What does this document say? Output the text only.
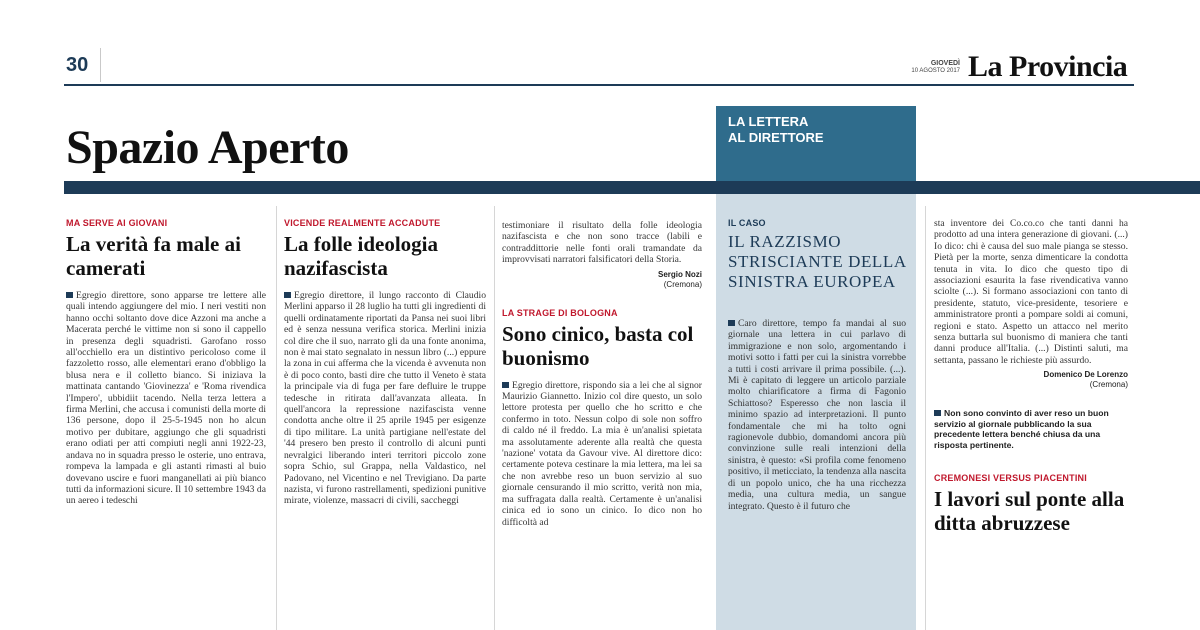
30	GIOVEDÌ
10 AGOSTO 2017 La Provincia
Spazio Aperto	LA LETTERA
AL DIRETTORE
MA SERVE AI GIOVANI
La verità fa male ai camerati
Egregio direttore, sono apparse tre lettere alle quali intendo aggiungere del mio. I neri vestiti non hanno occhi soltanto dove dice Azzoni ma anche a Macerata perché le vittime non si sono il cappello in presenza degli squadristi. Garofano rosso all'occhiello era un distintivo pericoloso come il fazzoletto rosso, alle elementari erano d'obbligo la blusa nera e il colletto bianco. Si iniziava la mattinata cantando 'Giovinezza' e 'Roma rivendica l'Impero', ubbidiit tacendo. Nella terza lettera a firma Merlini, che accusa i comunisti della morte di 136 persone, dopo il 25-5-1945 non ho alcun motivo per dubitare, aggiungo che gli squadristi erano odiati per atti compiuti negli anni 1922-23, andava no in squadra presso le osterie, uno entrava, rompeva la lampada e gli astanti rimasti al buio dovevano uscire e fuori manganellati ai più bianco tutti da informazioni sicure. Il 10 settembre 1943 da un aereo i tedeschi
VICENDE REALMENTE ACCADUTE
La folle ideologia nazifascista
Egregio direttore, il lungo racconto di Claudio Merlini apparso il 28 luglio ha tutti gli ingredienti di quelli ordinatamente riportati da Pansa nei suoi libri ed è senza nessuna verifica storica. Merlini inizia col dire che il suo, narrato gli da una fonte anonima, non è mai stato segnalato in nessun libro (...) eppure la zona in cui afferma che la vicenda è avvenuta non è di poco conto, basti dire che tutto il Veneto è stata la principale via di fuga per fare defluire le truppe tedesche in ritirata dall'avanzata alleata. In quell'ancora la repressione nazifascista venne condotta anche oltre il 25 aprile 1945 per esigenze di tipo militare. La unità partigiane nell'estate del '44 presero ben presto il controllo di alcuni punti nevralgici liberando interi territori piccolo zone sopra Schio, sul Grappa, nella Valdastico, nel Padovano, nel Vicentino e nel Trevigiano. Da parte nazista, vi furono rastrellamenti, spedizioni punitive mirate, violenze, massacri di civili, saccheggi
testimoniare il risultato della folle ideologia nazifascista e che non sono tracce (labili e contraddittorie nelle fonti orali tramandate da improvvisati narratori falsificatori della Storia.
Sergio Nozi
(Cremona)
LA STRAGE DI BOLOGNA
Sono cinico, basta col buonismo
Egregio direttore, rispondo sia a lei che al signor Maurizio Giannetto. Inizio col dire questo, un solo lettore protesta per quello che ho scritto e che confermo in toto. Nessun colpo di sole non soffro di caldo né il freddo. La mia è un'analisi spietata ma assolutamente aderente alla realtà che questa 'nazione' votata da Gavour vive. Al direttore dico: certamente poteva cestinare la mia lettera, ma lei sa che non avrebbe reso un buon servizio al suo giornale censurando il mio scritto, verità non mia, ma suffragata dalla realtà. Certamente è un'analisi cinica ed io sono un cinico. Io dico non ho difficoltà ad
IL CASO
IL RAZZISMO STRISCIANTE DELLA SINISTRA EUROPEA
Caro direttore, tempo fa mandai al suo giornale una lettera in cui parlavo di immigrazione e non solo, argomentando i motivi sotto i fatti per cui la sinistra vorrebbe a tutti i costi arrivare il prima possibile. (...). Mi è capitato di leggere un articolo parziale molto chiarificatore a firma di Fagonio Schiattoso? Esperesso che non lascia il minimo spazio ad interpretazioni. Il punto fondamentale che mi ha tolto ogni ragionevole dubbio, domandomi ancora più convinzione sulle reali intenzioni della sinistra, è questo: «Si profila come fenomeno positivo, il meticciato, la tendenza alla nascita di un popolo unico, che ha una ricchezza media, una cultura media, un sangue integrato. Questo è il futuro che
sta inventore dei Co.co.co che tanti danni ha prodotto ad una intera generazione di giovani. (...) Io dico: chi è causa del suo male pianga se stesso. Pietà per la morte, senza dimenticare la condotta tenuta in vita. Io dico che questo tipo di associazioni esaurita la fase rivendicativa vanno sciolte (...). Si formano associazioni con tanto di presidente, statuto, vice-presidente, tesoriere e amministratore pronti a pompare soldi ai comuni, regioni e stato. Aspetto un attacco nel merito senza buttarla sul buonismo di maniera che tanti danni produce all'Italia. (...) Distinti saluti, ma settanta, passano le richieste più assurdo.
Domenico De Lorenzo
(Cremona)
Non sono convinto di aver reso un buon servizio al giornale pubblicando la sua precedente lettera benché chiusa da una risposta pertinente.
CREMONESI VERSUS PIACENTINI
I lavori sul ponte alla ditta abruzzese
